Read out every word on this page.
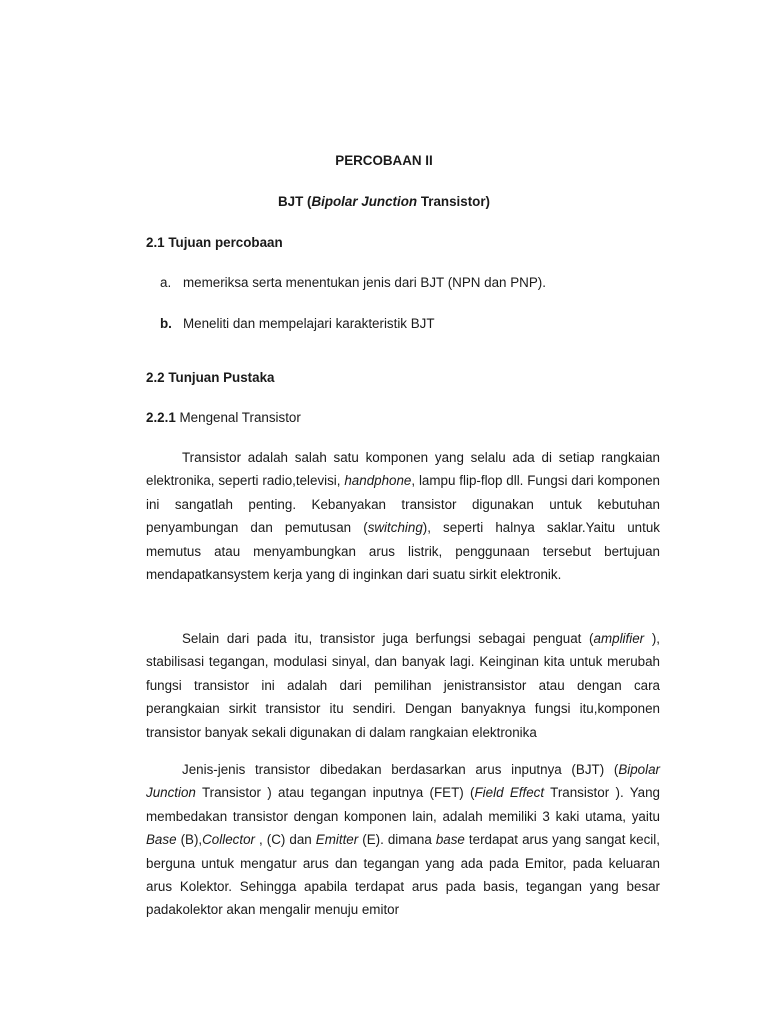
PERCOBAAN II
BJT (Bipolar Junction Transistor)
2.1 Tujuan percobaan
a. memeriksa serta menentukan jenis dari BJT (NPN dan PNP).
b. Meneliti dan mempelajari karakteristik BJT
2.2 Tunjuan Pustaka
2.2.1 Mengenal Transistor

Transistor adalah salah satu komponen yang selalu ada di setiap rangkaian elektronika, seperti radio,televisi, handphone, lampu flip-flop dll. Fungsi dari komponen ini sangatlah penting. Kebanyakan transistor digunakan untuk kebutuhan penyambungan dan pemutusan (switching), seperti halnya saklar.Yaitu untuk memutus atau menyambungkan arus listrik, penggunaan tersebut bertujuan mendapatkansystem kerja yang di inginkan dari suatu sirkit elektronik.

Selain dari pada itu, transistor juga berfungsi sebagai penguat (amplifier ), stabilisasi tegangan, modulasi sinyal, dan banyak lagi. Keinginan kita untuk merubah fungsi transistor ini adalah dari pemilihan jenistransistor atau dengan cara perangkaian sirkit transistor itu sendiri. Dengan banyaknya fungsi itu,komponen transistor banyak sekali digunakan di dalam rangkaian elektronika

Jenis-jenis transistor dibedakan berdasarkan arus inputnya (BJT) (Bipolar Junction Transistor ) atau tegangan inputnya (FET) (Field Effect Transistor ). Yang membedakan transistor dengan komponen lain, adalah memiliki 3 kaki utama, yaitu Base (B),Collector , (C) dan Emitter (E). dimana base terdapat arus yang sangat kecil, berguna untuk mengatur arus dan tegangan yang ada pada Emitor, pada keluaran arus Kolektor. Sehingga apabila terdapat arus pada basis, tegangan yang besar padakolektor akan mengalir menuju emitor
